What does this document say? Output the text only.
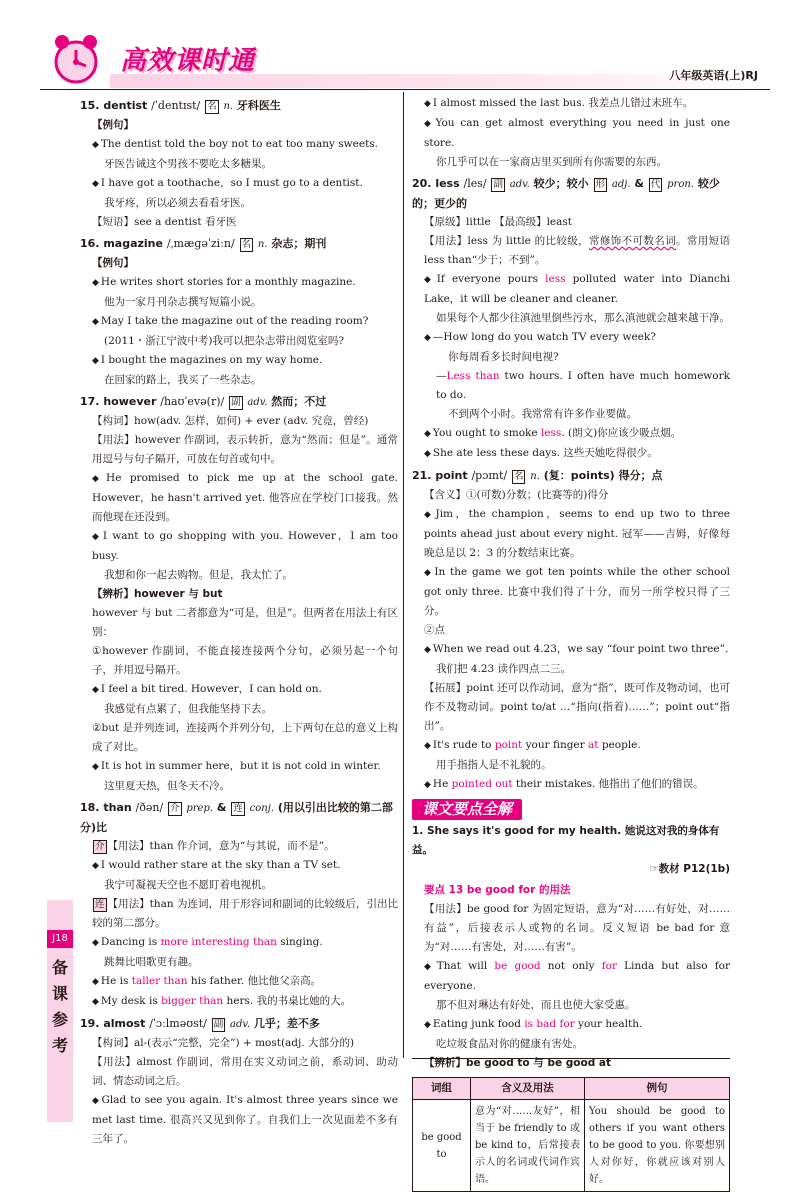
高效课时通	八年级英语(上)RJ
15. dentist /ˈdentɪst/ 名 n. 牙科医生
【例句】
◆ The dentist told the boy not to eat too many sweets.
牙医告诫这个男孩不要吃太多糖果。
◆ I have got a toothache，so I must go to a dentist.
我牙疼，所以必须去看看牙医。
【短语】see a dentist 看牙医
16. magazine /ˌmæɡəˈziːn/ 名 n. 杂志；期刊
【例句】
◆ He writes short stories for a monthly magazine.
他为一家月刊杂志撰写短篇小说。
◆ May I take the magazine out of the reading room?
(2011・浙江宁波中考)我可以把杂志带出阅览室吗?
◆ I bought the magazines on my way home.
在回家的路上，我买了一些杂志。
17. however /haʊˈevə(r)/ 副 adv. 然而；不过
【构词】how(adv. 怎样，如何) + ever (adv. 究竟，曾经)
【用法】however 作副词，表示转折，意为“然而；但是”。通常用逗号与句子隔开，可放在句首或句中。
◆ He promised to pick me up at the school gate. However，he hasn't arrived yet. 他答应在学校门口接我。然而他现在还没到。
◆ I want to go shopping with you. However，I am too busy.
我想和你一起去购物。但是，我太忙了。
【辨析】however 与 but
however 与 but 二者都意为“可是，但是”。但两者在用法上有区别：
①however 作副词，不能直接连接两个分句，必须另起一个句子，并用逗号隔开。
◆ I feel a bit tired. However，I can hold on.
我感觉有点累了，但我能坚持下去。
②but 是并列连词，连接两个并列分句，上下两句在总的意义上构成了对比。
◆ It is hot in summer here，but it is not cold in winter.
这里夏天热，但冬天不冷。
18. than /ðən/ 介 prep. & 连 conj. (用以引出比较的第二部分)比
介 【用法】than 作介词，意为“与其说，而不是”。
◆ I would rather stare at the sky than a TV set.
我宁可凝视天空也不愿盯着电视机。
连 【用法】than 为连词，用于形容词和副词的比较级后，引出比较的第二部分。
◆ Dancing is more interesting than singing.
跳舞比唱歌更有趣。
◆ He is taller than his father. 他比他父亲高。
◆ My desk is bigger than hers. 我的书桌比她的大。
19. almost /ˈɔːlməʊst/ 副 adv. 几乎；差不多
【构词】al-(表示“完整，完全”) + most(adj. 大部分的)
【用法】almost 作副词，常用在实义动词之前，系动词、助动词、情态动词之后。
◆ Glad to see you again. It's almost three years since we met last time. 很高兴又见到你了。自我们上一次见面差不多有三年了。
◆ I almost missed the last bus. 我差点儿错过末班车。
◆ You can get almost everything you need in just one store.
你几乎可以在一家商店里买到所有你需要的东西。
20. less /les/ 副 adv. 较少；较小 形 adj. & 代 pron. 较少的；更少的
【原级】little 【最高级】least
【用法】less 为 little 的比较级，常修饰不可数名词。常用短语 less than“少于；不到”。
◆ If everyone pours less polluted water into Dianchi Lake，it will be cleaner and cleaner.
如果每个人都少往滇池里倒些污水，那么滇池就会越来越干净。
◆ —How long do you watch TV every week?
你每周看多长时间电视?
—Less than two hours. I often have much homework to do.
不到两个小时。我常常有许多作业要做。
◆ You ought to smoke less. (朗文)你应该少吸点烟。
◆ She ate less these days. 这些天她吃得很少。
21. point /pɔɪnt/ 名 n. (复：points) 得分；点
【含义】①(可数)分数；(比赛等的)得分
◆ Jim，the champion，seems to end up two to three points ahead just about every night. 冠军——吉姆，好像每晚总是以 2：3 的分数结束比赛。
◆ In the game we got ten points while the other school got only three. 比赛中我们得了十分，而另一所学校只得了三分。
②点
◆ When we read out 4.23，we say “four point two three”.
我们把 4.23 读作四点二三。
【拓展】point 还可以作动词，意为“指”，既可作及物动词，也可作不及物动词。point to/at …“指向(指着)……”；point out“指出”。
◆ It's rude to point your finger at people.
用手指指人是不礼貌的。
◆ He pointed out their mistakes. 他指出了他们的错误。
课文要点全解
1. She says it's good for my health. 她说这对我的身体有益。
☞教材 P12(1b)
要点 13 be good for 的用法
【用法】be good for 为固定短语，意为“对……有好处，对……有益”，后接表示人或物的名词。反义短语 be bad for 意为“对……有害处，对……有害”。
◆ That will be good not only for Linda but also for everyone.
那不但对琳达有好处，而且也使大家受惠。
◆ Eating junk food is bad for your health.
吃垃圾食品对你的健康有害处。
【辨析】be good to 与 be good at
词组	含义及用法	例句
be good to	意为“对……友好”，相当于 be friendly to 或 be kind to，后常接表示人的名词或代词作宾语。	You should be good to others if you want others to be good to you. 你要想别人对你好，你就应该对别人好。
J18
备
课
参
考
